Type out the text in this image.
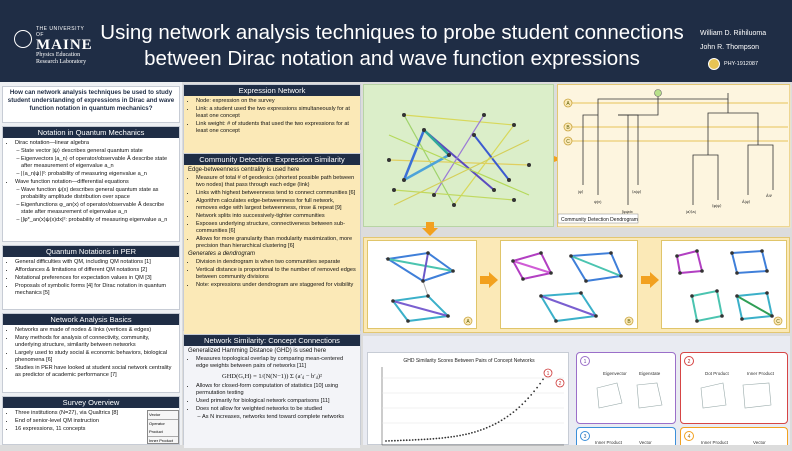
THE UNIVERSITY OF
MAINE
Physics Education
Research Laboratory
Using network analysis techniques to probe student connections
between Dirac notation and wave function expressions
William D. Riihiluoma
John R. Thompson
PHY-1912087
How can network analysis techniques be used to study student understanding of expressions in Dirac and wave function notation in quantum mechanics?
Notation in Quantum Mechanics
• Dirac notation—linear algebra
– State vector |ψ⟩ describes general quantum state
– Eigenvectors |a_n⟩ of operator/observable Â describe state after measurement of eigenvalue a_n
– |⟨a_n|ψ⟩|²: probability of measuring eigenvalue a_n
• Wave function notation—differential equations
– Wave function ψ(x) describes general quantum state as probability amplitude distribution over space
– Eigenfunctions φ_an(x) of operator/observable Â describe state after measurement of eigenvalue a_n
– |∫φ*_an(x)ψ(x)dx|²: probability of measuring eigenvalue a_n
Quantum Notations in PER
• General difficulties with QM, including QM notations [1]
• Affordances & limitations of different QM notations [2]
• Notational preferences for expectation values in QM [3]
• Proposals of symbolic forms [4] for Dirac notation in quantum mechanics [5]
Network Analysis Basics
• Networks are made of nodes & links (vertices & edges)
• Many methods for analysis of connectivity, community, underlying structure, similarity between networks
• Largely used to study social & economic behaviors, biological phenomena [6]
• Studies in PER have looked at student social network centrality as predictor of academic performance [7]
Survey Overview
• Three institutions (N=27), via Qualtrics [8]
• End of senior-level QM instruction
• 16 expressions, 11 concepts
Vector
Operator Product
Inner Product
Expression Network
• Node: expression on the survey
• Link: a student used the two expressions simultaneously for at least one concept
• Link weight: # of students that used the two expressions for at least one concept
Community Detection: Expression Similarity
Edge-betweenness centrality is used here
• Measure of total # of geodesics (shortest possible path between two nodes) that pass through each edge (link)
• Links with highest betweenness tend to connect communities [6]
• Algorithm calculates edge-betweenness for full network, removes edge with largest betweenness, rinse & repeat [9]
• Network splits into successively-tighter communities
• Exposes underlying structure, connectiveness between sub-communities [6]
• Allows for more granularity than modularity maximization, more precision than hierarchical clustering [6]
Generates a dendrogram
• Division in dendrogram is when two communities separate
• Vertical distance is proportional to the number of removed edges between community divisions
• Note: expressions under dendrogram are staggered for visibility
Network Similarity: Concept Connections
Generalized Hamming Distance (GHD) is used here
• Measures topological overlap by comparing mean-centered edge weights between pairs of networks [11]
GHD(G,H) = 1/(N(N−1)) Σ (a′ᵢⱼ − b′ᵢⱼ)²
• Allows for closed-form computation of statistics [10] using permutation testing
• Used primarily for biological network comparisons [11]
• Does not allow for weighted networks to be studied
– As N increases, networks tend toward complete networks
|ψ⟩
ψ(x)
⟨a|ψ⟩
∫φψdx	|a⟩⟨a|
⟨φ|ψ⟩
Â|ψ⟩
ÂΨ
Community Detection Dendrogram
A
B
C
A	B	C
GHD Similarity Scores Between Pairs of Concept Networks
1
2
1
Eigenvector	Eigenstate
2
Dot Product	Inner Product
3
Inner Product	Vector
4
Inner Product	Vector
